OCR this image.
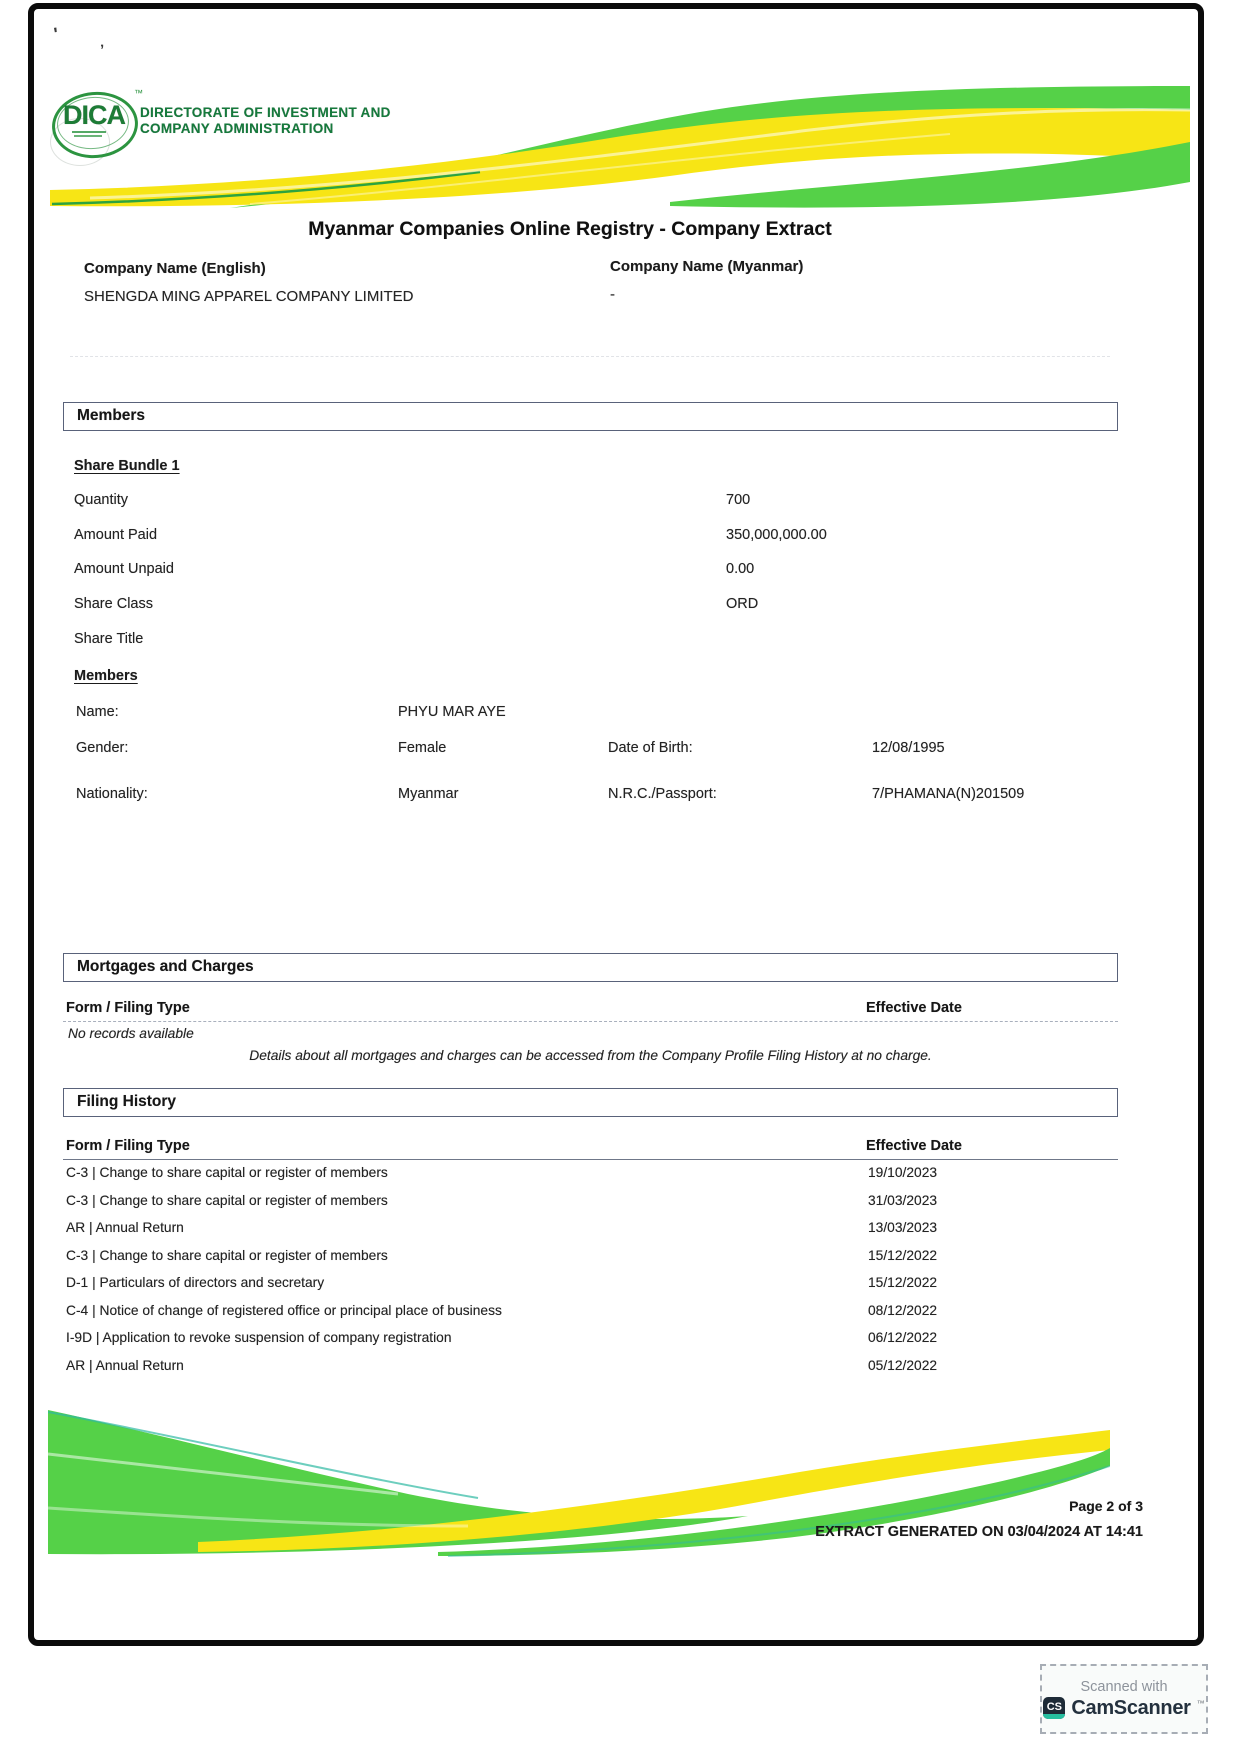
'
ʼ
DICA
™
DIRECTORATE OF INVESTMENT AND
COMPANY ADMINISTRATION
Myanmar Companies Online Registry - Company Extract
Company Name (English)
SHENGDA MING APPAREL COMPANY LIMITED
Company Name (Myanmar)
-
Members
Share Bundle 1
Quantity	700
Amount Paid	350,000,000.00
Amount Unpaid	0.00
Share Class	ORD
Share Title
Members
Name:	PHYU MAR AYE
Gender:	Female	Date of Birth:	12/08/1995
Nationality:	Myanmar	N.R.C./Passport:	7/PHAMANA(N)201509
Mortgages and Charges
Form / Filing Type	Effective Date
No records available
Details about all mortgages and charges can be accessed from the Company Profile Filing History at no charge.
Filing History
Form / Filing Type	Effective Date
C-3 | Change to share capital or register of members	19/10/2023
C-3 | Change to share capital or register of members	31/03/2023
AR | Annual Return	13/03/2023
C-3 | Change to share capital or register of members	15/12/2022
D-1 | Particulars of directors and secretary	15/12/2022
C-4 | Notice of change of registered office or principal place of business	08/12/2022
I-9D | Application to revoke suspension of company registration	06/12/2022
AR | Annual Return	05/12/2022
Page 2 of 3
EXTRACT GENERATED ON 03/04/2024 AT 14:41
Scanned with
CS CamScanner ™
